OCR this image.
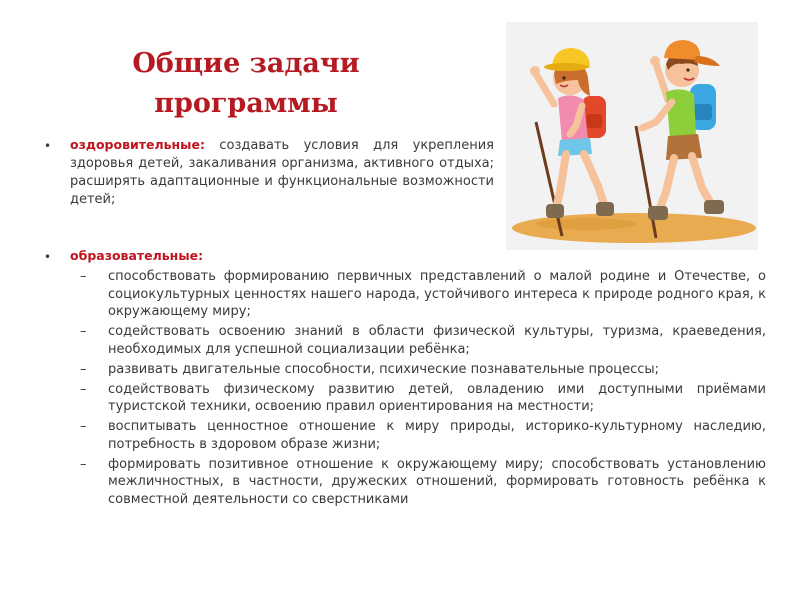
Общие задачи
программы
• оздоровительные: создавать условия для укрепления здоровья детей, закаливания организма, активного отдыха; расширять адаптационные и функциональные возможности детей;
• образовательные:
– способствовать формированию первичных представлений о малой родине и Отечестве, о социокультурных ценностях нашего народа, устойчивого интереса к природе родного края, к окружающему миру;
– содействовать освоению знаний в области физической культуры, туризма, краеведения, необходимых для успешной социализации ребёнка;
– развивать двигательные способности, психические познавательные процессы;
– содействовать физическому развитию детей, овладению ими доступными приёмами туристской техники, освоению правил ориентирования на местности;
– воспитывать ценностное отношение к миру природы, историко-культурному наследию, потребность в здоровом образе жизни;
– формировать позитивное отношение к окружающему миру; способствовать установлению межличностных, в частности, дружеских отношений, формировать готовность ребёнка к совместной деятельности со сверстниками
